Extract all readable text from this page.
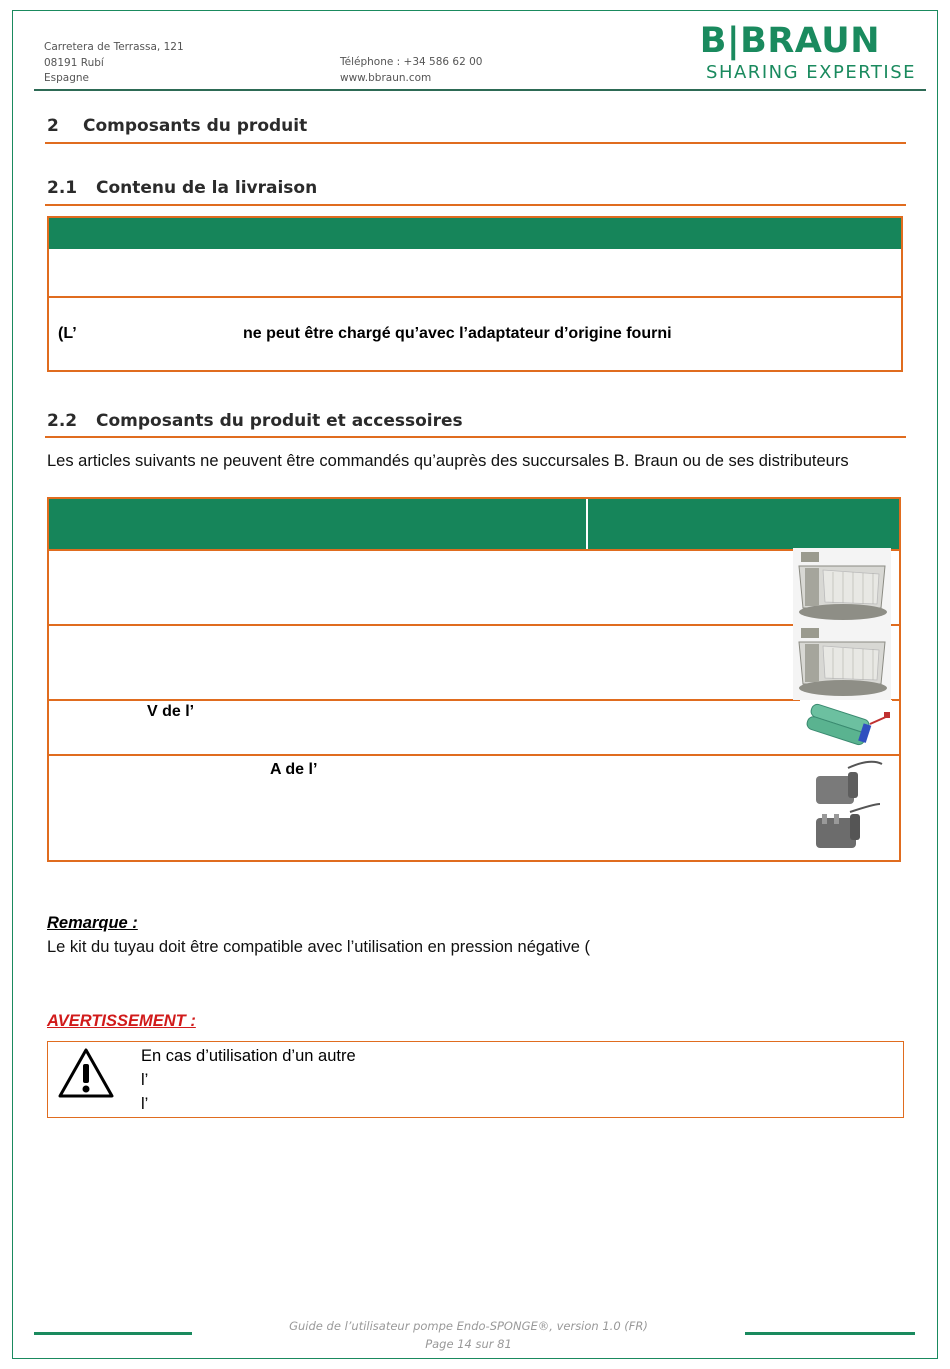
Carretera de Terrassa, 121
08191 Rubí
Espagne
Téléphone : +34 586 62 00
www.bbraun.com
B|BRAUN
SHARING EXPERTISE
2 Composants du produit
2.1 Contenu de la livraison
(L’	ne peut être chargé qu’avec l’adaptateur d’origine fourni
2.2 Composants du produit et accessoires
Les articles suivants ne peuvent être commandés qu’auprès des succursales B. Braun ou de ses distributeurs
V de l’
A de l’
Remarque :
Le kit du tuyau doit être compatible avec l’utilisation en pression négative (
AVERTISSEMENT :
En cas d’utilisation d’un autre
l’
l’
Guide de l’utilisateur pompe Endo-SPONGE®, version 1.0 (FR)
Page 14 sur 81
